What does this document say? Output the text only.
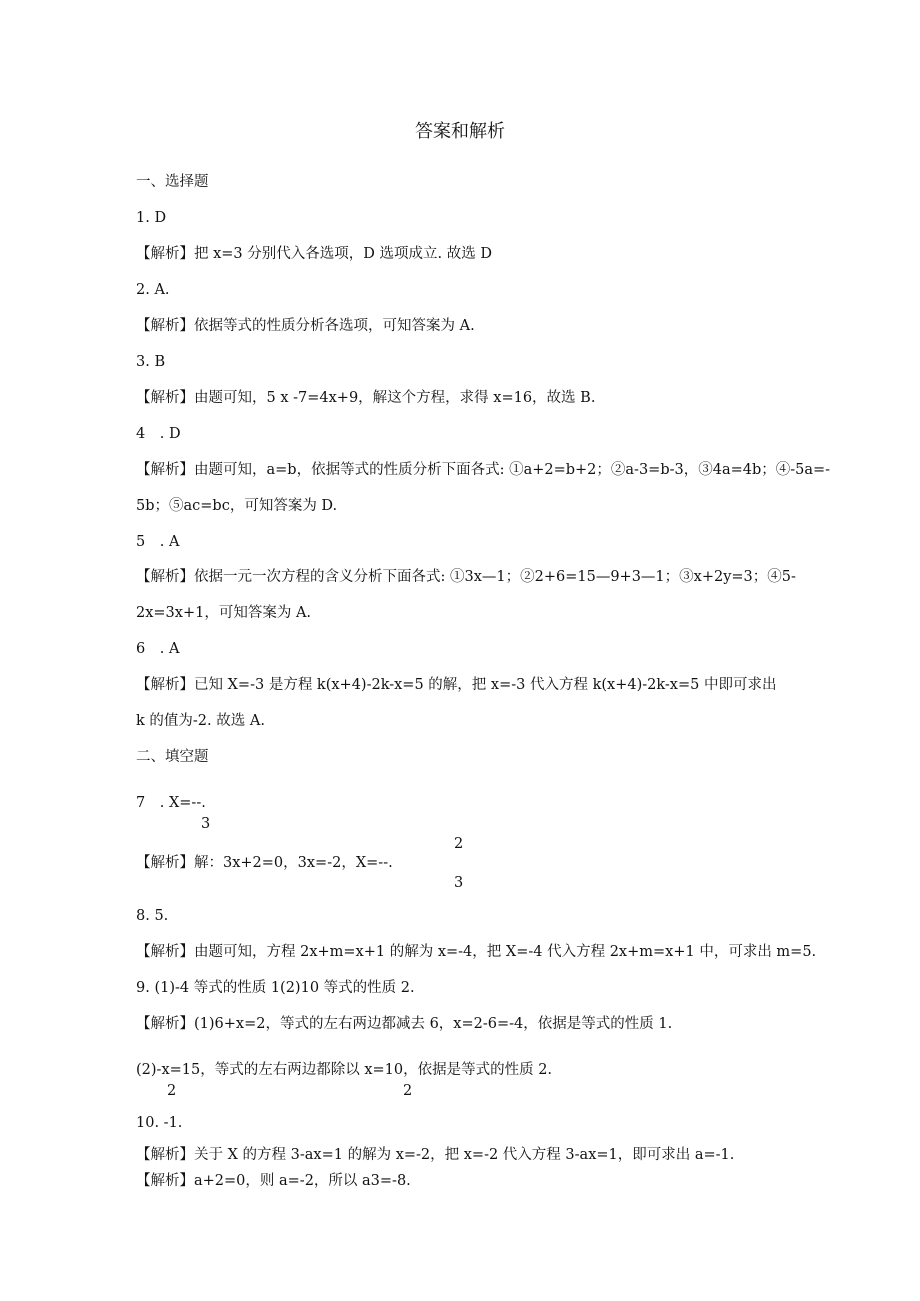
答案和解析
一、选择题
1. D
【解析】把 x=3 分别代入各选项，D 选项成立. 故选 D
2. A.
【解析】依据等式的性质分析各选项，可知答案为 A.
3. B
【解析】由题可知，5 x -7=4x+9，解这个方程，求得 x=16，故选 B.
4　. D
【解析】由题可知，a=b，依据等式的性质分析下面各式: ①a+2=b+2；②a-3=b-3，③4a=4b；④-5a=-
5b；⑤ac=bc，可知答案为 D.
5　. A
【解析】依据一元一次方程的含义分析下面各式: ①3x—1；②2+6=15—9+3—1；③x+2y=3；④5-
2x=3x+1，可知答案为 A.
6　. A
【解析】已知 X=-3 是方程 k(x+4)-2k-x=5 的解，把 x=-3 代入方程 k(x+4)-2k-x=5 中即可求出
k 的值为-2. 故选 A.
二、填空题
7　. X=--.
3
2
【解析】解：3x+2=0，3x=-2，X=--.
3
8. 5.
【解析】由题可知，方程 2x+m=x+1 的解为 x=-4，把 X=-4 代入方程 2x+m=x+1 中，可求出 m=5.
9. (1)-4 等式的性质 1(2)10 等式的性质 2.
【解析】(1)6+x=2，等式的左右两边都减去 6，x=2-6=-4，依据是等式的性质 1.
(2)-x=15，等式的左右两边都除以 x=10，依据是等式的性质 2.
2	2
10. -1.
【解析】关于 X 的方程 3-ax=1 的解为 x=-2，把 x=-2 代入方程 3-ax=1，即可求出 a=-1.
【解析】a+2=0，则 a=-2，所以 a3=-8.
